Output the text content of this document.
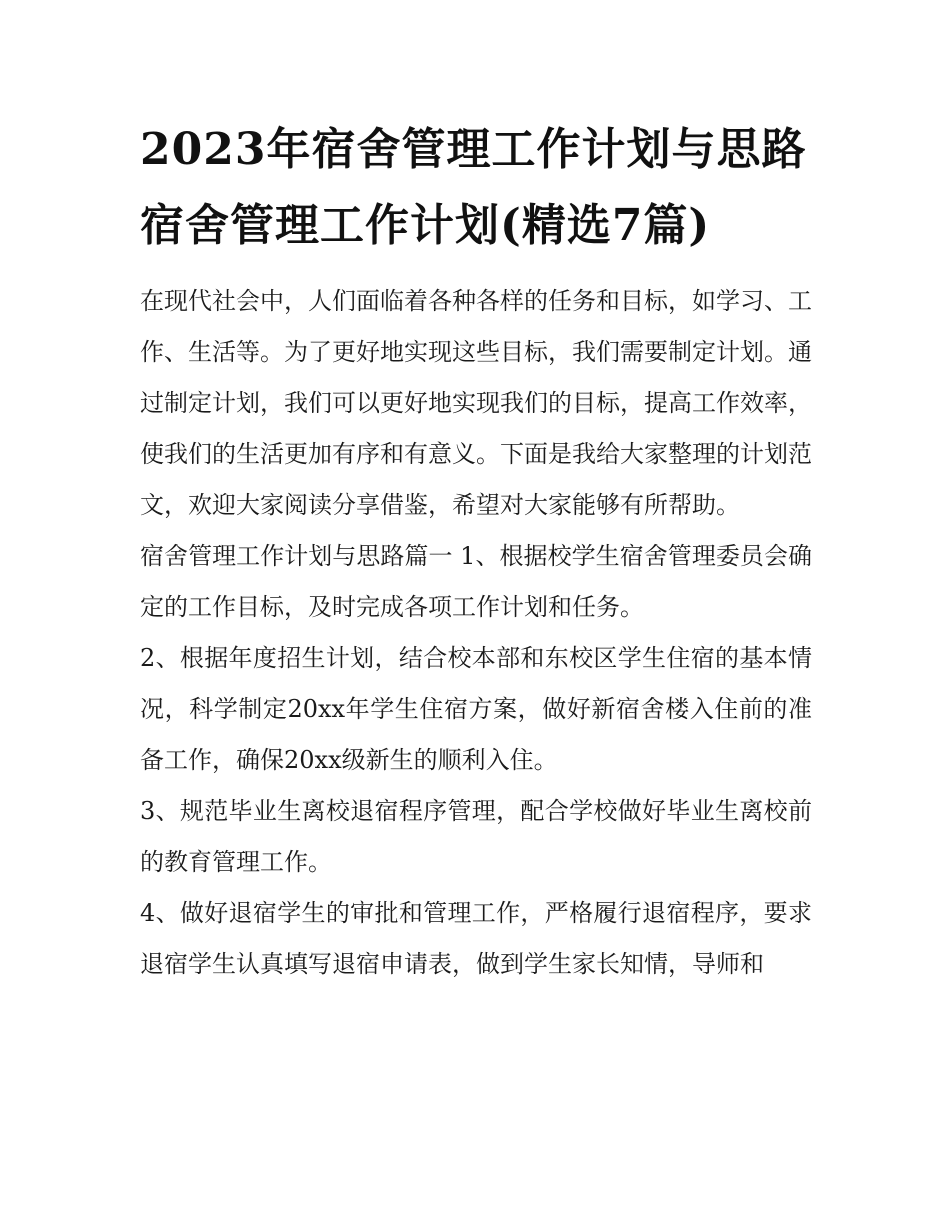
2023年宿舍管理工作计划与思路 宿舍管理工作计划(精选7篇)

在现代社会中，人们面临着各种各样的任务和目标，如学习、工作、生活等。为了更好地实现这些目标，我们需要制定计划。通过制定计划，我们可以更好地实现我们的目标，提高工作效率，使我们的生活更加有序和有意义。下面是我给大家整理的计划范文，欢迎大家阅读分享借鉴，希望对大家能够有所帮助。

宿舍管理工作计划与思路篇一 1、根据校学生宿舍管理委员会确定的工作目标，及时完成各项工作计划和任务。

2、根据年度招生计划，结合校本部和东校区学生住宿的基本情况，科学制定20xx年学生住宿方案，做好新宿舍楼入住前的准备工作，确保20xx级新生的顺利入住。

3、规范毕业生离校退宿程序管理，配合学校做好毕业生离校前的教育管理工作。

4、做好退宿学生的审批和管理工作，严格履行退宿程序，要求退宿学生认真填写退宿申请表，做到学生家长知情，导师和
